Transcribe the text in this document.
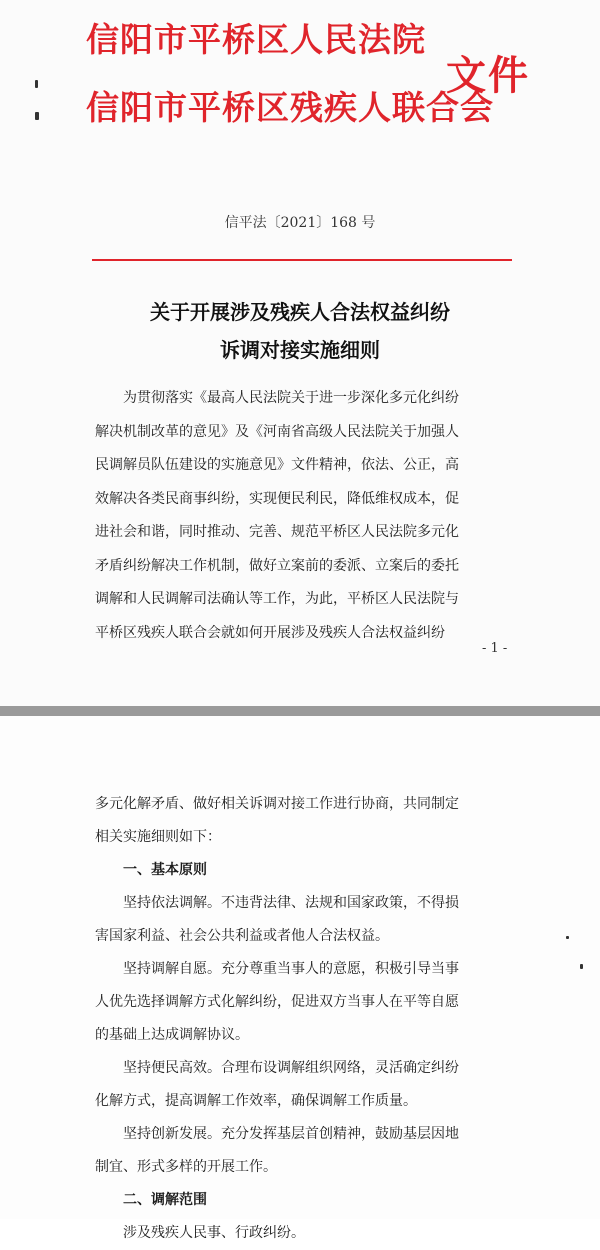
信阳市平桥区人民法院
信阳市平桥区残疾人联合会
文件
信平法〔2021〕168 号
关于开展涉及残疾人合法权益纠纷
诉调对接实施细则
为贯彻落实《最高人民法院关于进一步深化多元化纠纷
解决机制改革的意见》及《河南省高级人民法院关于加强人
民调解员队伍建设的实施意见》文件精神，依法、公正，高
效解决各类民商事纠纷，实现便民利民，降低维权成本，促
进社会和谐，同时推动、完善、规范平桥区人民法院多元化
矛盾纠纷解决工作机制，做好立案前的委派、立案后的委托
调解和人民调解司法确认等工作，为此，平桥区人民法院与
平桥区残疾人联合会就如何开展涉及残疾人合法权益纠纷
- 1 -
多元化解矛盾、做好相关诉调对接工作进行协商，共同制定
相关实施细则如下：
一、基本原则
坚持依法调解。不违背法律、法规和国家政策，不得损
害国家利益、社会公共利益或者他人合法权益。
坚持调解自愿。充分尊重当事人的意愿，积极引导当事
人优先选择调解方式化解纠纷，促进双方当事人在平等自愿
的基础上达成调解协议。
坚持便民高效。合理布设调解组织网络，灵活确定纠纷
化解方式，提高调解工作效率，确保调解工作质量。
坚持创新发展。充分发挥基层首创精神，鼓励基层因地
制宜、形式多样的开展工作。
二、调解范围
涉及残疾人民事、行政纠纷。
